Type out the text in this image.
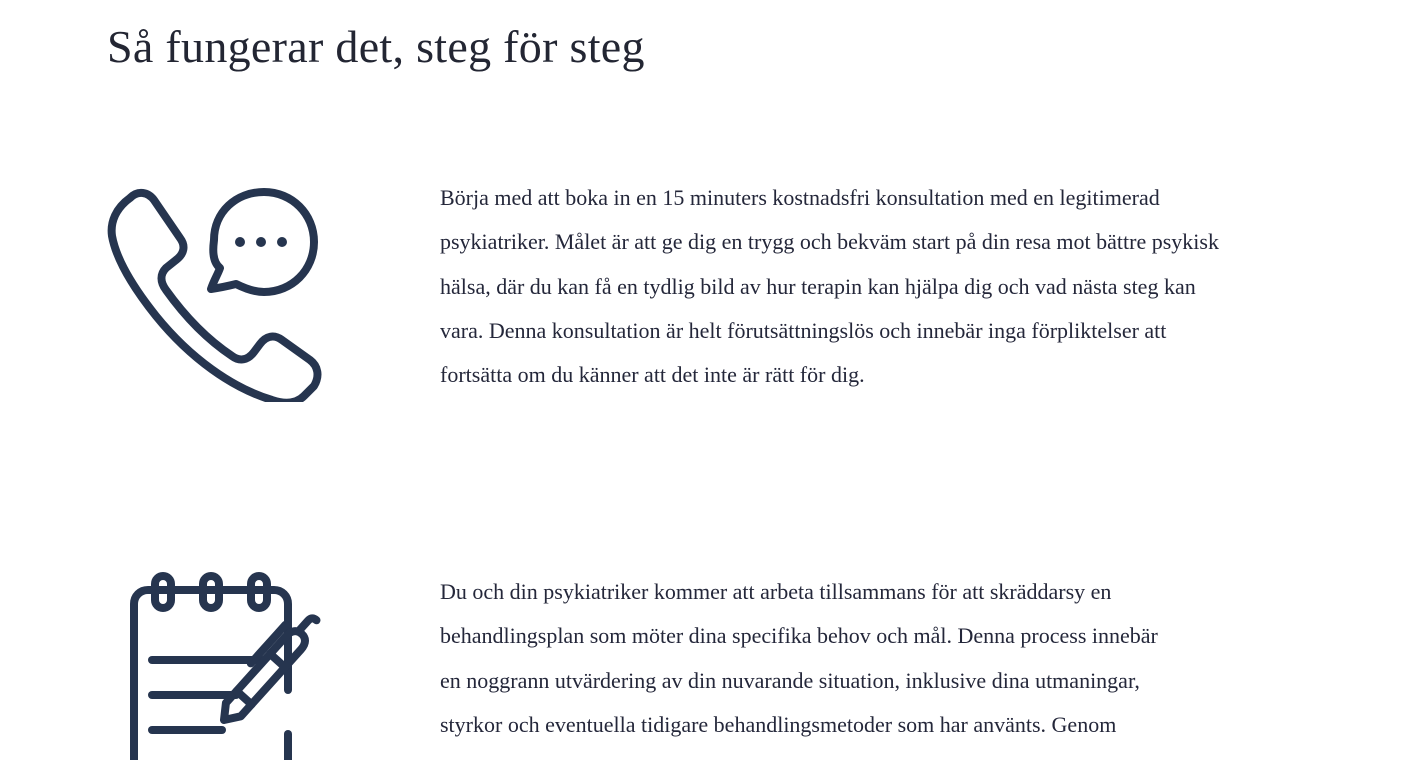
Så fungerar det, steg för steg

Börja med att boka in en 15 minuters kostnadsfri konsultation med en legitimerad
psykiatriker. Målet är att ge dig en trygg och bekväm start på din resa mot bättre psykisk
hälsa, där du kan få en tydlig bild av hur terapin kan hjälpa dig och vad nästa steg kan
vara. Denna konsultation är helt förutsättningslös och innebär inga förpliktelser att
fortsätta om du känner att det inte är rätt för dig.

Du och din psykiatriker kommer att arbeta tillsammans för att skräddarsy en
behandlingsplan som möter dina specifika behov och mål. Denna process innebär
en noggrann utvärdering av din nuvarande situation, inklusive dina utmaningar,
styrkor och eventuella tidigare behandlingsmetoder som har använts. Genom
